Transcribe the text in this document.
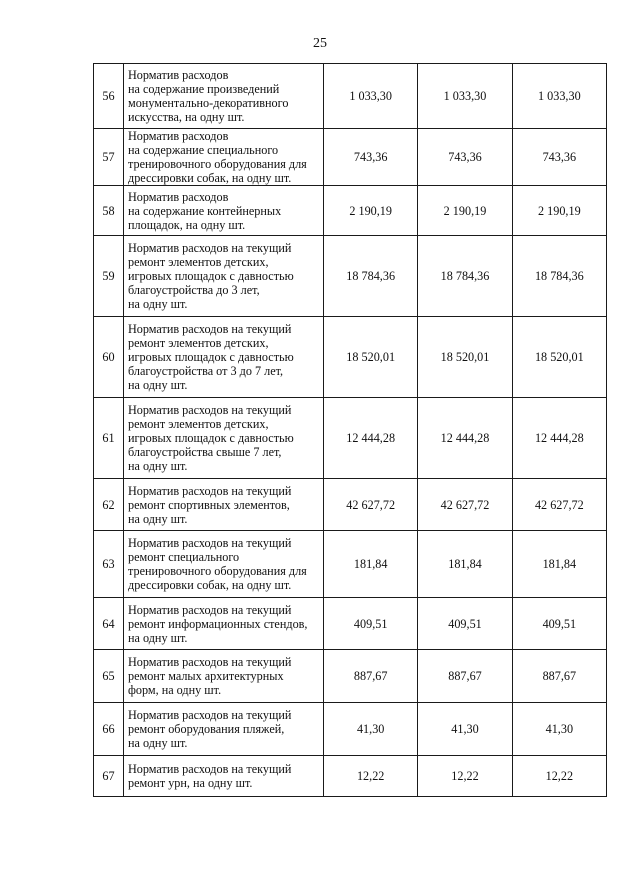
25
56	Норматив расходов
на содержание произведений
монументально-декоративного
искусства, на одну шт.	1 033,30	1 033,30	1 033,30
57	Норматив расходов
на содержание специального
тренировочного оборудования для
дрессировки собак, на одну шт.	743,36	743,36	743,36
58	Норматив расходов
на содержание контейнерных
площадок, на одну шт.	2 190,19	2 190,19	2 190,19
59	Норматив расходов на текущий
ремонт элементов детских,
игровых площадок с давностью
благоустройства до 3 лет,
на одну шт.	18 784,36	18 784,36	18 784,36
60	Норматив расходов на текущий
ремонт элементов детских,
игровых площадок с давностью
благоустройства от 3 до 7 лет,
на одну шт.	18 520,01	18 520,01	18 520,01
61	Норматив расходов на текущий
ремонт элементов детских,
игровых площадок с давностью
благоустройства свыше 7 лет,
на одну шт.	12 444,28	12 444,28	12 444,28
62	Норматив расходов на текущий
ремонт спортивных элементов,
на одну шт.	42 627,72	42 627,72	42 627,72
63	Норматив расходов на текущий
ремонт специального
тренировочного оборудования для
дрессировки собак, на одну шт.	181,84	181,84	181,84
64	Норматив расходов на текущий
ремонт информационных стендов,
на одну шт.	409,51	409,51	409,51
65	Норматив расходов на текущий
ремонт малых архитектурных
форм, на одну шт.	887,67	887,67	887,67
66	Норматив расходов на текущий
ремонт оборудования пляжей,
на одну шт.	41,30	41,30	41,30
67	Норматив расходов на текущий
ремонт урн, на одну шт.	12,22	12,22	12,22
